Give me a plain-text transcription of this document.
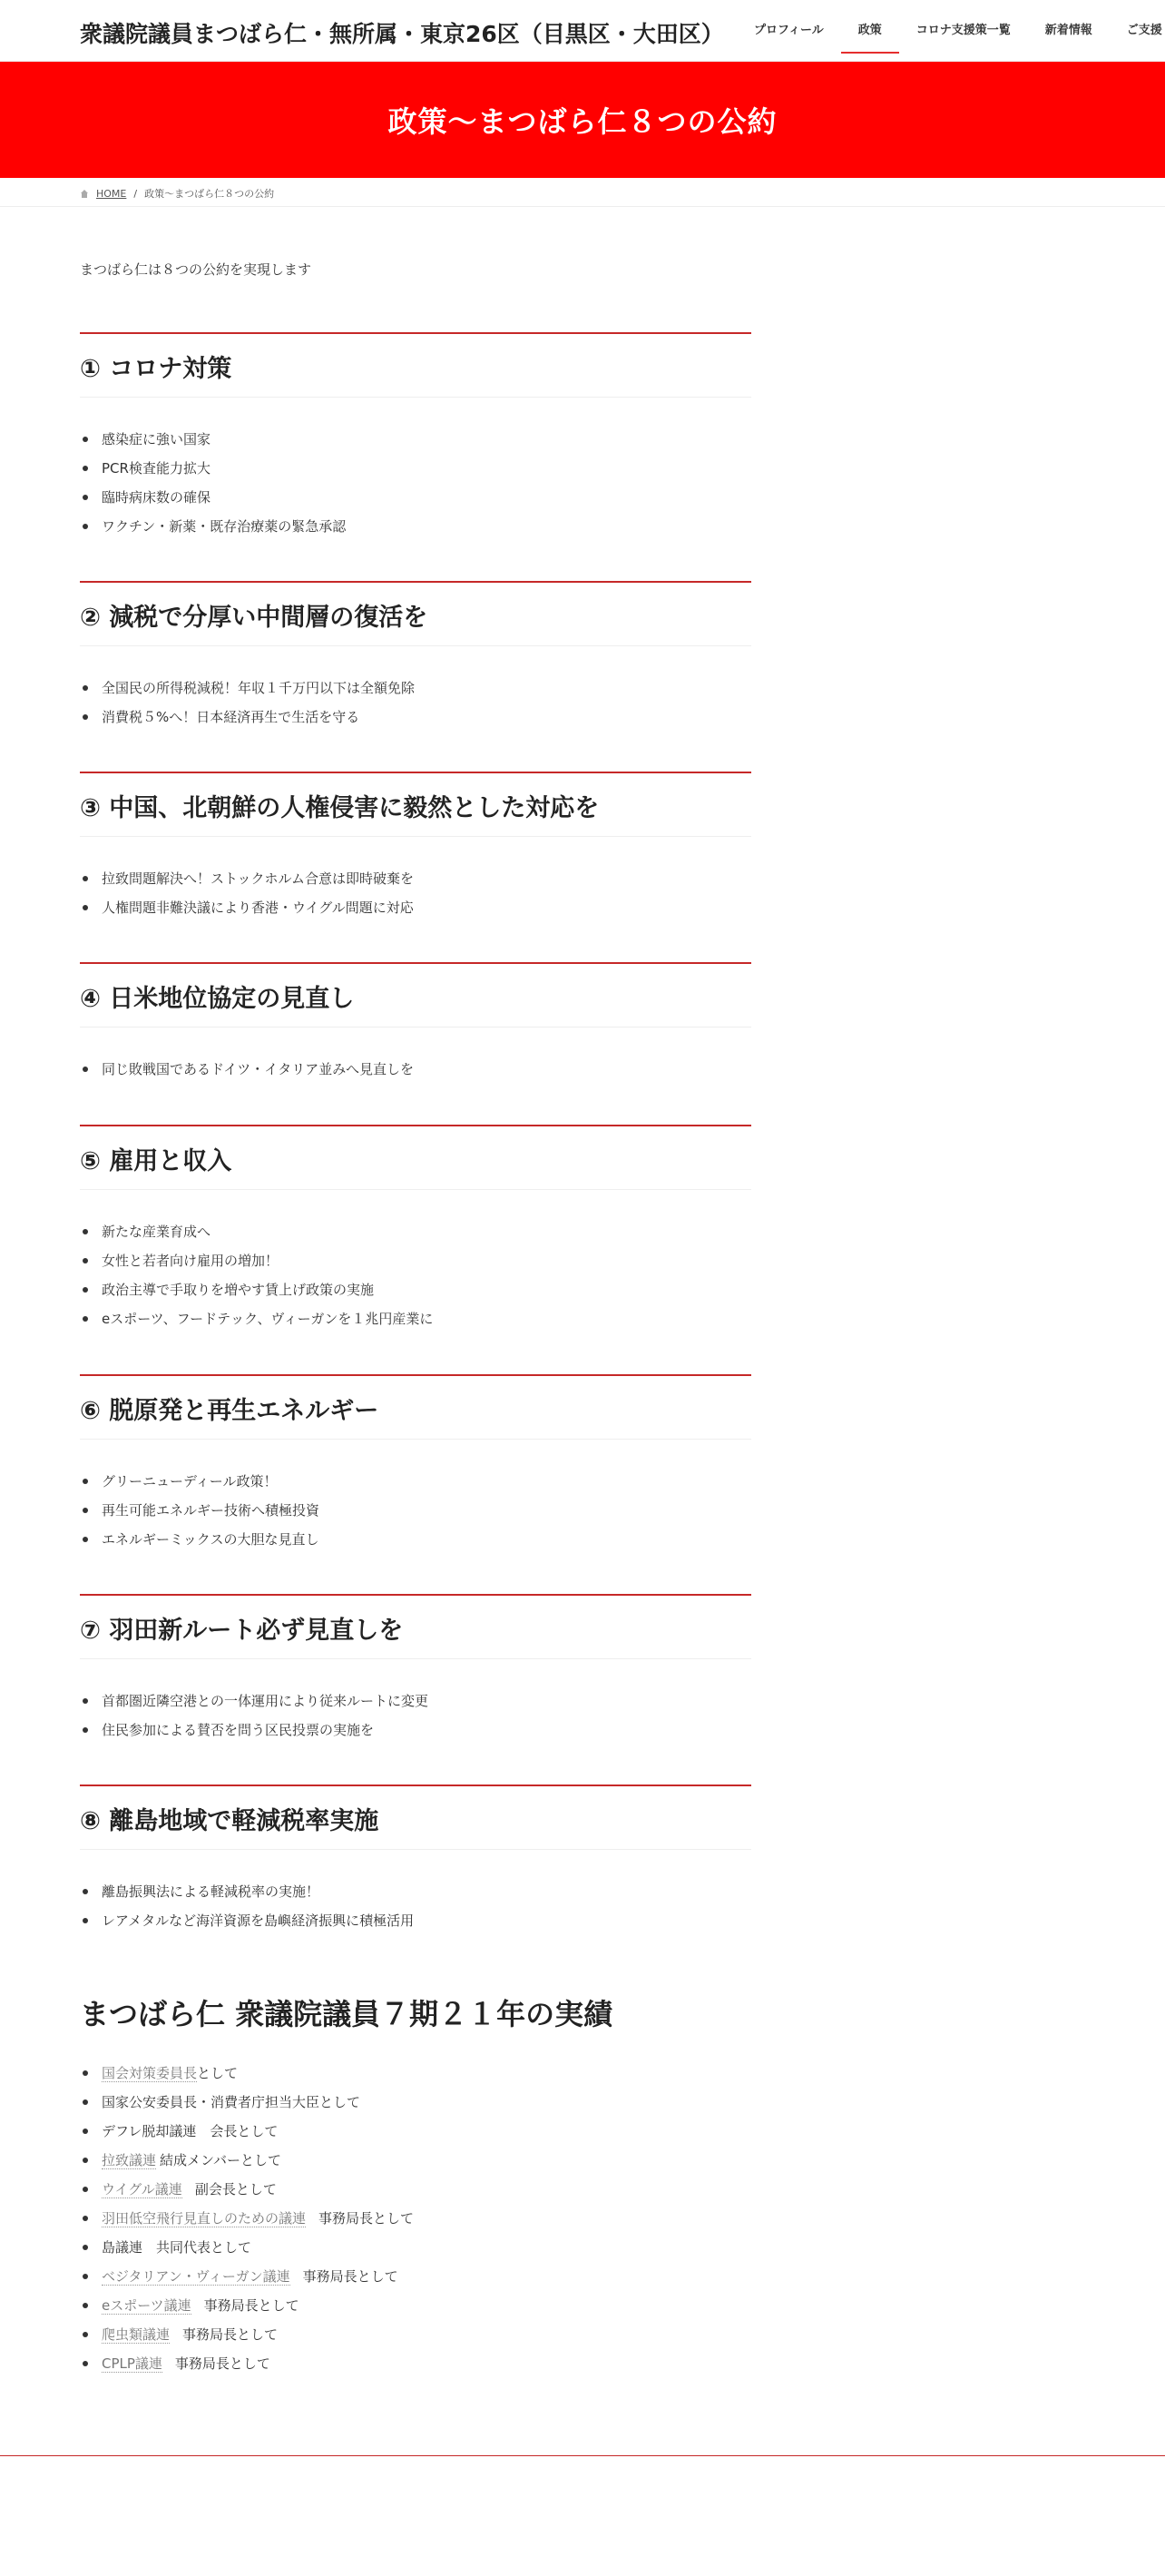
衆議院議員まつばら仁・無所属・東京26区（目黒区・大田区）	プロフィール	政策	コロナ支援策一覧	新着情報	ご支援
政策〜まつばら仁８つの公約
HOME / 政策〜まつばら仁８つの公約

まつばら仁は８つの公約を実現します

① コロナ対策
感染症に強い国家
PCR検査能力拡大
臨時病床数の確保
ワクチン・新薬・既存治療薬の緊急承認
② 減税で分厚い中間層の復活を
全国民の所得税減税！年収１千万円以下は全額免除
消費税５%へ！日本経済再生で生活を守る
③ 中国、北朝鮮の人権侵害に毅然とした対応を
拉致問題解決へ！ストックホルム合意は即時破棄を
人権問題非難決議により香港・ウイグル問題に対応
④ 日米地位協定の見直し
同じ敗戦国であるドイツ・イタリア並みへ見直しを
⑤ 雇用と収入
新たな産業育成へ
女性と若者向け雇用の増加！
政治主導で手取りを増やす賃上げ政策の実施
eスポーツ、フードテック、ヴィーガンを１兆円産業に
⑥ 脱原発と再生エネルギー
グリーニューディール政策！
再生可能エネルギー技術へ積極投資
エネルギーミックスの大胆な見直し
⑦ 羽田新ルート必ず見直しを
首都圏近隣空港との一体運用により従来ルートに変更
住民参加による賛否を問う区民投票の実施を
⑧ 離島地域で軽減税率実施
離島振興法による軽減税率の実施！
レアメタルなど海洋資源を島嶼経済振興に積極活用
まつばら仁 衆議院議員７期２１年の実績
国会対策委員長として
国家公安委員長・消費者庁担当大臣として
デフレ脱却議連　会長として
拉致議連 結成メンバーとして
ウイグル議連 副会長として
羽田低空飛行見直しのための議連 事務局長として
島議連　共同代表として
ベジタリアン・ヴィーガン議連 事務局長として
eスポーツ議連 事務局長として
爬虫類議連 事務局長として
CPLP議連 事務局長として
